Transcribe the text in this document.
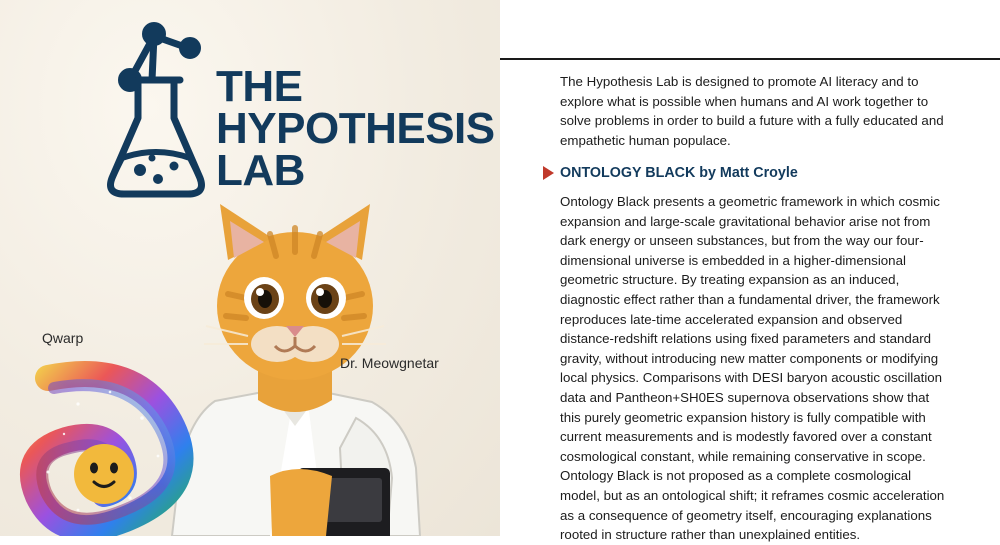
THE
HYPOTHESIS
LAB
Qwarp
Dr. Meowgnetar

The Hypothesis Lab is designed to promote AI literacy and to explore what is possible when humans and AI work together to solve problems in order to build a future with a fully educated and empathetic human populace.

ONTOLOGY BLACK by Matt Croyle

Ontology Black presents a geometric framework in which cosmic expansion and large-scale gravitational behavior arise not from dark energy or unseen substances, but from the way our four-dimensional universe is embedded in a higher-dimensional geometric structure. By treating expansion as an induced, diagnostic effect rather than a fundamental driver, the framework reproduces late-time accelerated expansion and observed distance-redshift relations using fixed parameters and standard gravity, without introducing new matter components or modifying local physics. Comparisons with DESI baryon acoustic oscillation data and Pantheon+SH0ES supernova observations show that this purely geometric expansion history is fully compatible with current measurements and is modestly favored over a constant cosmological constant, while remaining conservative in scope. Ontology Black is not proposed as a complete cosmological model, but as an ontological shift; it reframes cosmic acceleration as a consequence of geometry itself, encouraging explanations rooted in structure rather than unexplained entities.
